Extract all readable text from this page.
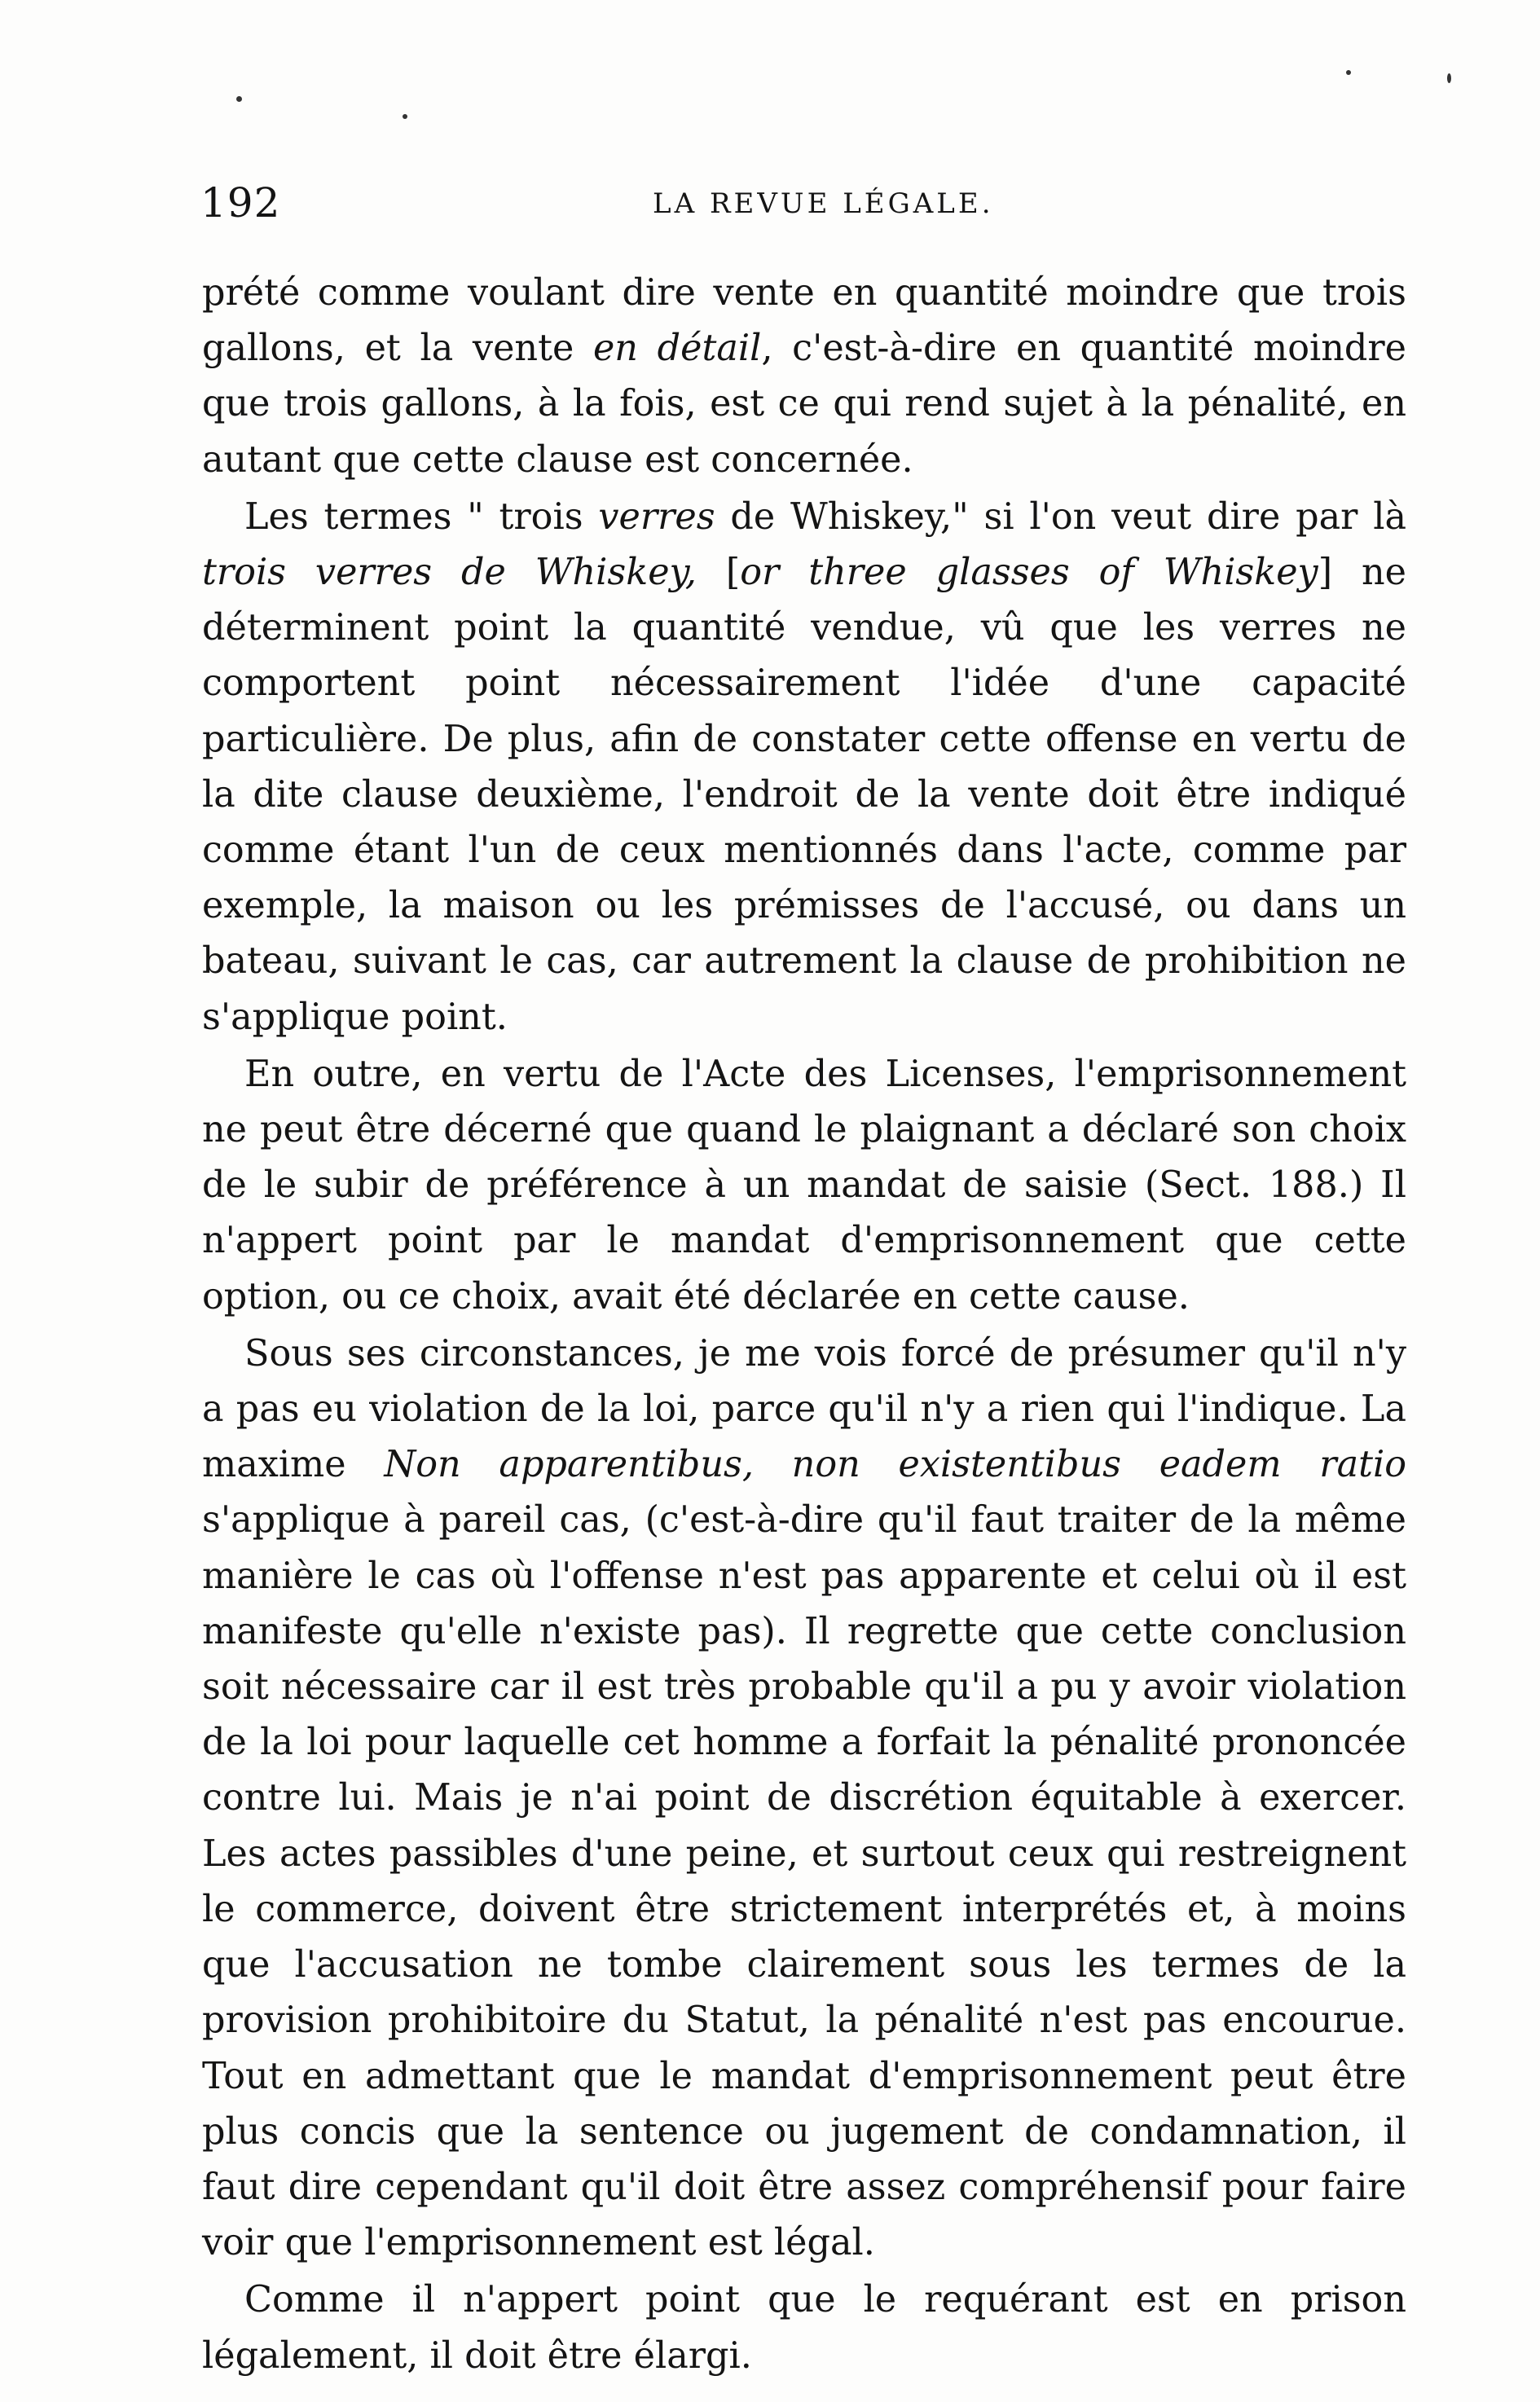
192	LA REVUE LÉGALE.

prété comme voulant dire vente en quantité moindre que trois gallons, et la vente en détail, c'est-à-dire en quantité moindre que trois gallons, à la fois, est ce qui rend sujet à la pénalité, en autant que cette clause est concernée.

Les termes " trois verres de Whiskey," si l'on veut dire par là trois verres de Whiskey, [or three glasses of Whiskey] ne déterminent point la quantité vendue, vû que les verres ne comportent point nécessairement l'idée d'une capacité particulière. De plus, afin de constater cette offense en vertu de la dite clause deuxième, l'endroit de la vente doit être indiqué comme étant l'un de ceux mentionnés dans l'acte, comme par exemple, la maison ou les prémisses de l'accusé, ou dans un bateau, suivant le cas, car autrement la clause de prohibition ne s'applique point.

En outre, en vertu de l'Acte des Licenses, l'emprisonnement ne peut être décerné que quand le plaignant a déclaré son choix de le subir de préférence à un mandat de saisie (Sect. 188.) Il n'appert point par le mandat d'emprisonnement que cette option, ou ce choix, avait été déclarée en cette cause.

Sous ses circonstances, je me vois forcé de présumer qu'il n'y a pas eu violation de la loi, parce qu'il n'y a rien qui l'indique. La maxime Non apparentibus, non existentibus eadem ratio s'applique à pareil cas, (c'est-à-dire qu'il faut traiter de la même manière le cas où l'offense n'est pas apparente et celui où il est manifeste qu'elle n'existe pas). Il regrette que cette conclusion soit nécessaire car il est très probable qu'il a pu y avoir violation de la loi pour laquelle cet homme a forfait la pénalité prononcée contre lui. Mais je n'ai point de discrétion équitable à exercer. Les actes passibles d'une peine, et surtout ceux qui restreignent le commerce, doivent être strictement interprétés et, à moins que l'accusation ne tombe clairement sous les termes de la provision prohibitoire du Statut, la pénalité n'est pas encourue. Tout en admettant que le mandat d'emprisonnement peut être plus concis que la sentence ou jugement de condamnation, il faut dire cependant qu'il doit être assez compréhensif pour faire voir que l'emprisonnement est légal.

Comme il n'appert point que le requérant est en prison légalement, il doit être élargi.
